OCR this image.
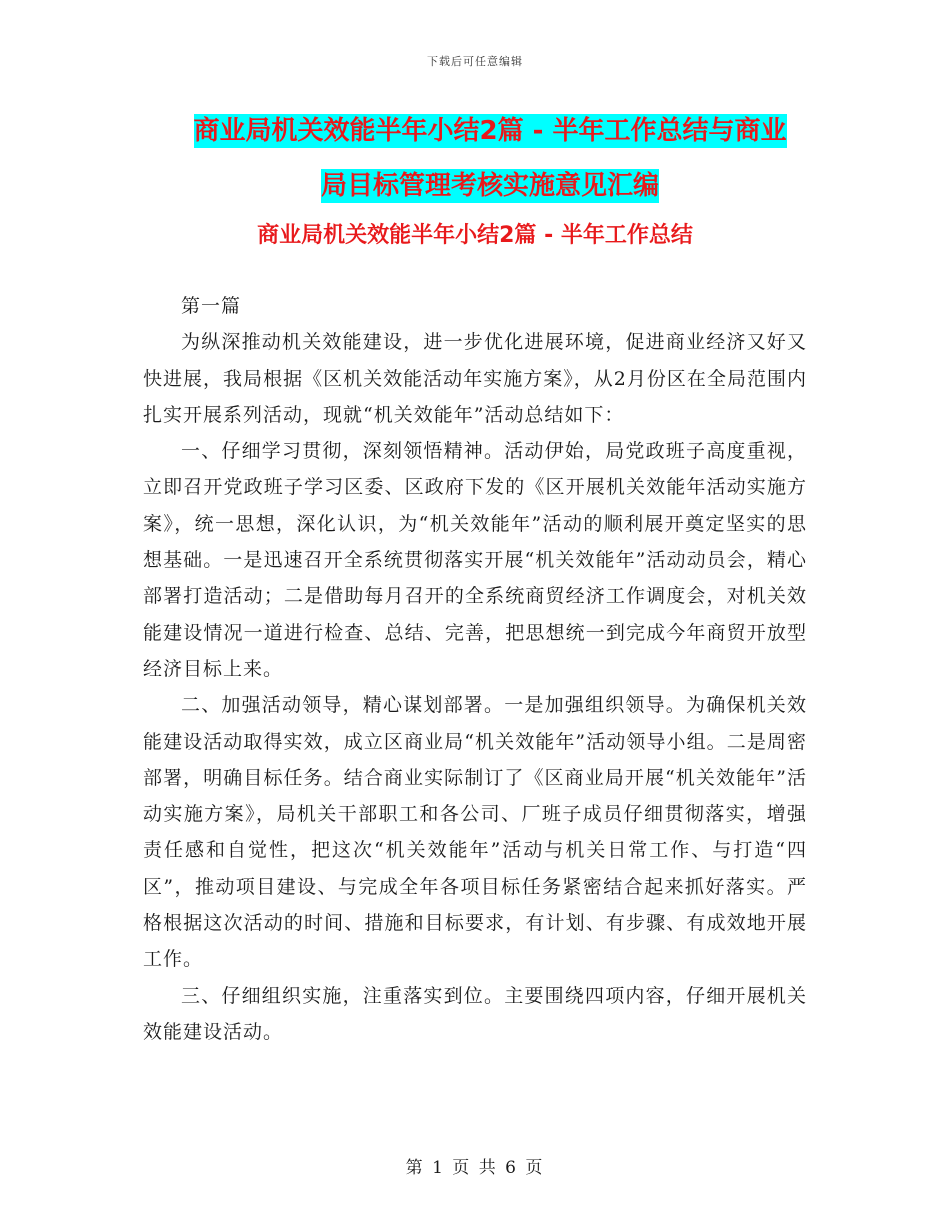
下载后可任意编辑
商业局机关效能半年小结2篇 - 半年工作总结与商业
局目标管理考核实施意见汇编
商业局机关效能半年小结2篇 - 半年工作总结

第一篇

为纵深推动机关效能建设，进一步优化进展环境，促进商业经济又好又快进展，我局根据《区机关效能活动年实施方案》，从2月份区在全局范围内扎实开展系列活动，现就“机关效能年”活动总结如下：

一、仔细学习贯彻，深刻领悟精神。活动伊始，局党政班子高度重视，立即召开党政班子学习区委、区政府下发的《区开展机关效能年活动实施方案》，统一思想，深化认识，为“机关效能年”活动的顺利展开奠定坚实的思想基础。一是迅速召开全系统贯彻落实开展“机关效能年”活动动员会，精心部署打造活动；二是借助每月召开的全系统商贸经济工作调度会，对机关效能建设情况一道进行检查、总结、完善，把思想统一到完成今年商贸开放型经济目标上来。

二、加强活动领导，精心谋划部署。一是加强组织领导。为确保机关效能建设活动取得实效，成立区商业局“机关效能年”活动领导小组。二是周密部署，明确目标任务。结合商业实际制订了《区商业局开展“机关效能年”活动实施方案》，局机关干部职工和各公司、厂班子成员仔细贯彻落实，增强责任感和自觉性，把这次“机关效能年”活动与机关日常工作、与打造“四区”，推动项目建设、与完成全年各项目标任务紧密结合起来抓好落实。严格根据这次活动的时间、措施和目标要求，有计划、有步骤、有成效地开展工作。

三、仔细组织实施，注重落实到位。主要围绕四项内容，仔细开展机关效能建设活动。

第 1 页 共 6 页
